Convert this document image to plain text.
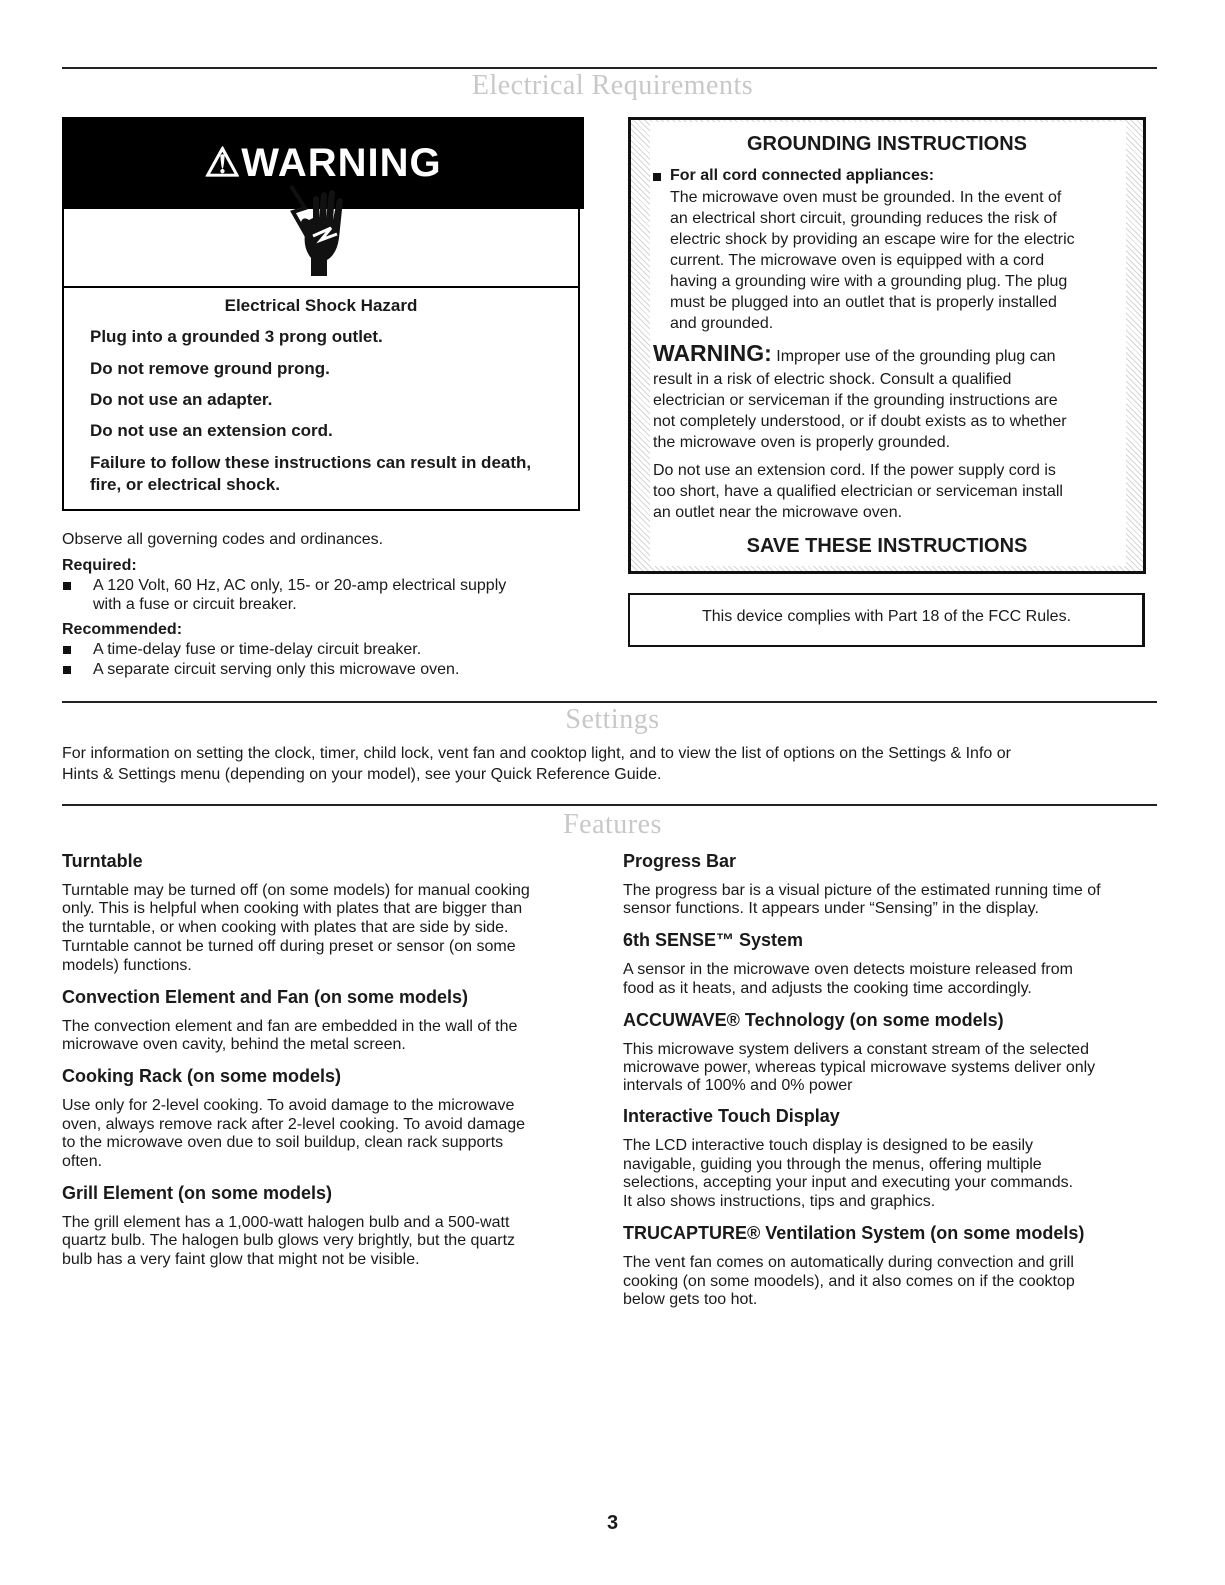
Electrical Requirements
⚠WARNING
Electrical Shock Hazard
Plug into a grounded 3 prong outlet.
Do not remove ground prong.
Do not use an adapter.
Do not use an extension cord.
Failure to follow these instructions can result in death,
fire, or electrical shock.
Observe all governing codes and ordinances.
Required:
A 120 Volt, 60 Hz, AC only, 15- or 20-amp electrical supply
with a fuse or circuit breaker.
Recommended:
A time-delay fuse or time-delay circuit breaker.
A separate circuit serving only this microwave oven.
GROUNDING INSTRUCTIONS
For all cord connected appliances:
The microwave oven must be grounded. In the event of
an electrical short circuit, grounding reduces the risk of
electric shock by providing an escape wire for the electric
current. The microwave oven is equipped with a cord
having a grounding wire with a grounding plug. The plug
must be plugged into an outlet that is properly installed
and grounded.
WARNING: Improper use of the grounding plug can
result in a risk of electric shock. Consult a qualified
electrician or serviceman if the grounding instructions are
not completely understood, or if doubt exists as to whether
the microwave oven is properly grounded.
Do not use an extension cord. If the power supply cord is
too short, have a qualified electrician or serviceman install
an outlet near the microwave oven.
SAVE THESE INSTRUCTIONS
This device complies with Part 18 of the FCC Rules.
Settings
For information on setting the clock, timer, child lock, vent fan and cooktop light, and to view the list of options on the Settings & Info or
Hints & Settings menu (depending on your model), see your Quick Reference Guide.
Features
Turntable
Turntable may be turned off (on some models) for manual cooking
only. This is helpful when cooking with plates that are bigger than
the turntable, or when cooking with plates that are side by side.
Turntable cannot be turned off during preset or sensor (on some
models) functions.
Convection Element and Fan (on some models)
The convection element and fan are embedded in the wall of the
microwave oven cavity, behind the metal screen.
Cooking Rack (on some models)
Use only for 2-level cooking. To avoid damage to the microwave
oven, always remove rack after 2-level cooking. To avoid damage
to the microwave oven due to soil buildup, clean rack supports
often.
Grill Element (on some models)
The grill element has a 1,000-watt halogen bulb and a 500-watt
quartz bulb. The halogen bulb glows very brightly, but the quartz
bulb has a very faint glow that might not be visible.
Progress Bar
The progress bar is a visual picture of the estimated running time of
sensor functions. It appears under “Sensing” in the display.
6th SENSE™ System
A sensor in the microwave oven detects moisture released from
food as it heats, and adjusts the cooking time accordingly.
ACCUWAVE® Technology (on some models)
This microwave system delivers a constant stream of the selected
microwave power, whereas typical microwave systems deliver only
intervals of 100% and 0% power
Interactive Touch Display
The LCD interactive touch display is designed to be easily
navigable, guiding you through the menus, offering multiple
selections, accepting your input and executing your commands.
It also shows instructions, tips and graphics.
TRUCAPTURE® Ventilation System (on some models)
The vent fan comes on automatically during convection and grill
cooking (on some moodels), and it also comes on if the cooktop
below gets too hot.
3
